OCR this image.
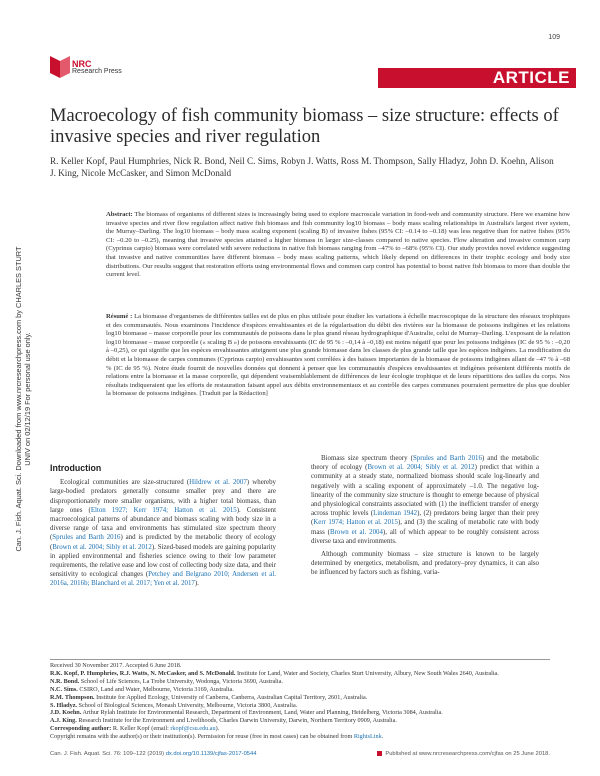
109
NRC
Research Press	ARTICLE
Can. J. Fish. Aquat. Sci. Downloaded from www.nrcresearchpress.com by CHARLES STURT UNIV on 02/12/19 For personal use only.
Macroecology of fish community biomass – size structure: effects of invasive species and river regulation
R. Keller Kopf, Paul Humphries, Nick R. Bond, Neil C. Sims, Robyn J. Watts, Ross M. Thompson, Sally Hladyz, John D. Koehn, Alison J. King, Nicole McCasker, and Simon McDonald
Abstract: The biomass of organisms of different sizes is increasingly being used to explore macroscale variation in food-web and community structure. Here we examine how invasive species and river flow regulation affect native fish biomass and fish community log10 biomass – body mass scaling relationships in Australia's largest river system, the Murray–Darling. The log10 biomass – body mass scaling exponent (scaling B) of invasive fishes (95% CI: –0.14 to –0.18) was less negative than for native fishes (95% CI: –0.20 to –0.25), meaning that invasive species attained a higher biomass in larger size-classes compared to native species. Flow alteration and invasive common carp (Cyprinus carpio) biomass were correlated with severe reductions in native fish biomass ranging from –47% to –68% (95% CI). Our study provides novel evidence suggesting that invasive and native communities have different biomass – body mass scaling patterns, which likely depend on differences in their trophic ecology and body size distributions. Our results suggest that restoration efforts using environmental flows and common carp control has potential to boost native fish biomass to more than double the current level.
Résumé : La biomasse d'organismes de différentes tailles est de plus en plus utilisée pour étudier les variations à échelle macroscopique de la structure des réseaux trophiques et des communautés. Nous examinons l'incidence d'espèces envahissantes et de la régularisation du débit des rivières sur la biomasse de poissons indigènes et les relations log10 biomasse – masse corporelle pour les communautés de poissons dans le plus grand réseau hydrographique d'Australie, celui de Murray–Darling. L'exposant de la relation log10 biomasse – masse corporelle (« scaling B ») de poissons envahissants (IC de 95 % : –0,14 à –0,18) est moins négatif que pour les poissons indigènes (IC de 95 % : –0,20 à –0,25), ce qui signifie que les espèces envahissantes atteignent une plus grande biomasse dans les classes de plus grande taille que les espèces indigènes. La modification du débit et la biomasse de carpes communes (Cyprinus carpio) envahissantes sont corrélées à des baisses importantes de la biomasse de poissons indigènes allant de –47 % à –68 % (IC de 95 %). Notre étude fournit de nouvelles données qui donnent à penser que les communautés d'espèces envahissantes et indigènes présentent différents motifs de relations entre la biomasse et la masse corporelle, qui dépendent vraisemblablement de différences de leur écologie trophique et de leurs répartitions des tailles du corps. Nos résultats indiqueraient que les efforts de restauration faisant appel aux débits environnementaux et au contrôle des carpes communes pourraient permettre de plus que doubler la biomasse de poissons indigènes. [Traduit par la Rédaction]
Introduction

Ecological communities are size-structured (Hildrew et al. 2007) whereby large-bodied predators generally consume smaller prey and there are disproportionately more smaller organisms, with a higher total biomass, than large ones (Elton 1927; Kerr 1974; Hatton et al. 2015). Consistent macroecological patterns of abundance and biomass scaling with body size in a diverse range of taxa and environments has stimulated size spectrum theory (Sprules and Barth 2016) and is predicted by the metabolic theory of ecology (Brown et al. 2004; Sibly et al. 2012). Sized-based models are gaining popularity in applied environmental and fisheries science owing to their low parameter requirements, the relative ease and low cost of collecting body size data, and their sensitivity to ecological changes (Petchey and Belgrano 2010; Andersen et al. 2016a, 2016b; Blanchard et al. 2017; Yen et al. 2017).

Biomass size spectrum theory (Sprules and Barth 2016) and the metabolic theory of ecology (Brown et al. 2004; Sibly et al. 2012) predict that within a community at a steady state, normalized biomass should scale log-linearly and negatively with a scaling exponent of approximately –1.0. The negative log-linearity of the community size structure is thought to emerge because of physical and physiological constraints associated with (1) the inefficient transfer of energy across trophic levels (Lindeman 1942), (2) predators being larger than their prey (Kerr 1974; Hatton et al. 2015), and (3) the scaling of metabolic rate with body mass (Brown et al. 2004), all of which appear to be roughly consistent across diverse taxa and environments.

Although community biomass – size structure is known to be largely determined by energetics, metabolism, and predatory–prey dynamics, it can also be influenced by factors such as fishing, varia-

Received 30 November 2017. Accepted 6 June 2018.

R.K. Kopf, P. Humphries, R.J. Watts, N. McCasker, and S. McDonald. Institute for Land, Water and Society, Charles Sturt University, Albury, New South Wales 2640, Australia.

N.R. Bond. School of Life Sciences, La Trobe University, Wodonga, Victoria 3690, Australia.

N.C. Sims. CSIRO, Land and Water, Melbourne, Victoria 3169, Australia.

R.M. Thompson. Institute for Applied Ecology, University of Canberra, Canberra, Australian Capital Territory, 2601, Australia.

S. Hladyz. School of Biological Sciences, Monash University, Melbourne, Victoria 3800, Australia.

J.D. Koehn. Arthur Rylah Institute for Environmental Research, Department of Environment, Land, Water and Planning, Heidelberg, Victoria 3084, Australia.

A.J. King. Research Institute for the Environment and Livelihoods, Charles Darwin University, Darwin, Northern Territory 0909, Australia.

Corresponding author: R. Keller Kopf (email: rkopf@csu.edu.au).

Copyright remains with the author(s) or their institution(s). Permission for reuse (free in most cases) can be obtained from RightsLink.

Can. J. Fish. Aquat. Sci. 76: 109–122 (2019) dx.doi.org/10.1139/cjfas-2017-0544	Published at www.nrcresearchpress.com/cjfas on 25 June 2018.
